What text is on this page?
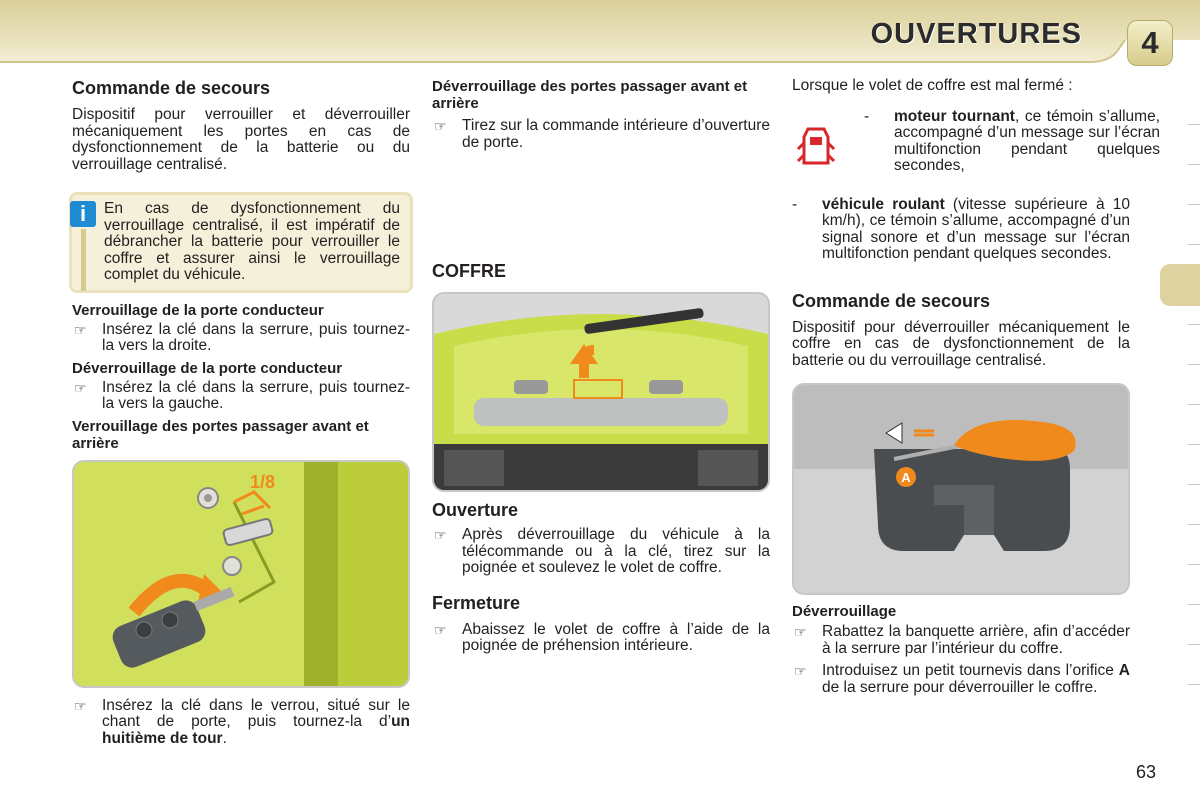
OUVERTURES	4
Commande de secours

Dispositif pour verrouiller et déverrouiller mécaniquement les portes en cas de dysfonctionnement de la batterie ou du verrouillage centralisé.

i	En cas de dysfonctionnement du verrouillage centralisé, il est impératif de débrancher la batterie pour verrouiller le coffre et assurer ainsi le verrouillage complet du véhicule.
Verrouillage de la porte conducteur
☞ Insérez la clé dans la serrure, puis tournez-la vers la droite.
Déverrouillage de la porte conducteur
☞ Insérez la clé dans la serrure, puis tournez-la vers la gauche.
Verrouillage des portes passager avant et arrière
1/8
☞ Insérez la clé dans le verrou, situé sur le chant de porte, puis tournez-la d’un huitième de tour.
Déverrouillage des portes passager avant et arrière
☞ Tirez sur la commande intérieure d’ouverture de porte.
COFFRE
Ouverture
☞ Après déverrouillage du véhicule à la télécommande ou à la clé, tirez sur la poignée et soulevez le volet de coffre.
Fermeture
☞ Abaissez le volet de coffre à l’aide de la poignée de préhension intérieure.

Lorsque le volet de coffre est mal fermé :

- moteur tournant, ce témoin s’allume, accompagné d’un message sur l’écran multifonction pendant quelques secondes,
- véhicule roulant (vitesse supérieure à 10 km/h), ce témoin s’allume, accompagné d’un signal sonore et d’un message sur l’écran multifonction pendant quelques secondes.
Commande de secours

Dispositif pour déverrouiller mécaniquement le coffre en cas de dysfonctionnement de la batterie ou du verrouillage centralisé.

A
Déverrouillage
☞ Rabattez la banquette arrière, afin d’accéder à la serrure par l’intérieur du coffre.
☞ Introduisez un petit tournevis dans l’orifice A de la serrure pour déverrouiller le coffre.
63
